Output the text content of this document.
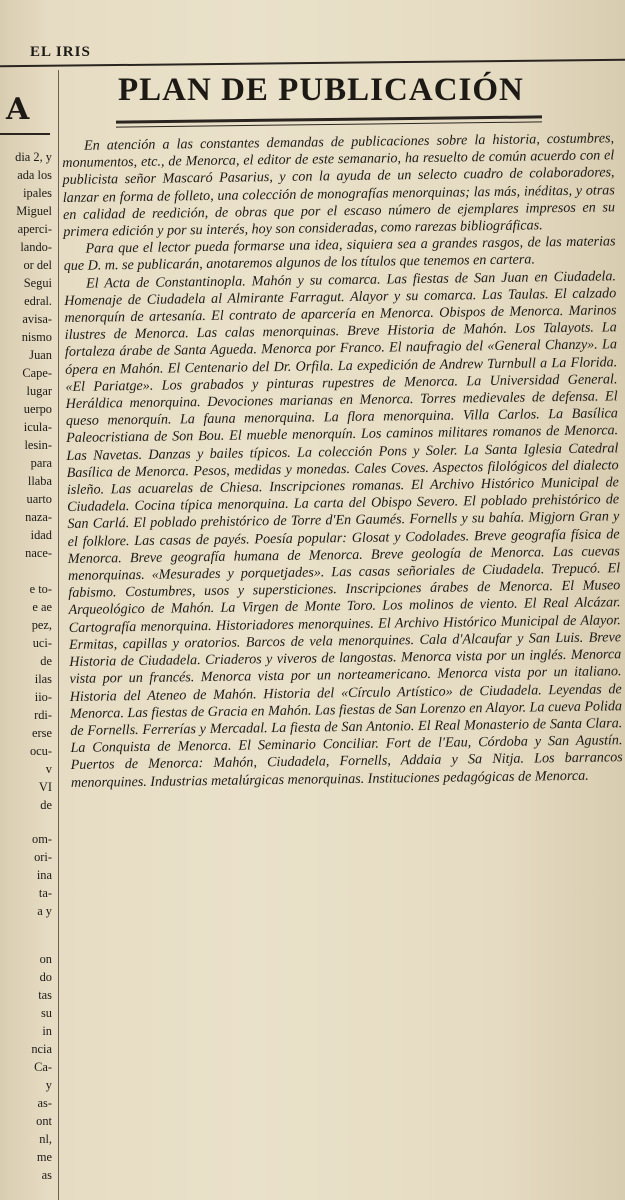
EL IRIS
A
dia 2, y
ada los
ipales
Miguel
aperci-
lando-
or del
Segui
edral.
avisa-
nismo
Juan
Cape-
lugar
uerpo
icula-
lesin-
para
llaba
uarto
naza-
idad
nace-
e to-
e ae
pez,
uci-
de
ilas
iio-
rdi-
erse
ocu-
v
VI
de
om-
ori-
ina
ta-
a y
on
do
tas
su
in
ncia
Ca-
y
as-
ont
nl,
me
as
PLAN DE PUBLICACIÓN

En atención a las constantes demandas de publicaciones sobre la historia, costumbres, monumentos, etc., de Menorca, el editor de este semanario, ha resuelto de común acuerdo con el publicista señor Mascaró Pasarius, y con la ayuda de un selecto cuadro de colaboradores, lanzar en forma de folleto, una colección de monografías menorquinas; las más, inéditas, y otras en calidad de reedición, de obras que por el escaso número de ejemplares impresos en su primera edición y por su interés, hoy son consideradas, como rarezas bibliográficas.

Para que el lector pueda formarse una idea, siquiera sea a grandes rasgos, de las materias que D. m. se publicarán, anotaremos algunos de los títulos que tenemos en cartera.

El Acta de Constantinopla. Mahón y su comarca. Las fiestas de San Juan en Ciudadela. Homenaje de Ciudadela al Almirante Farragut. Alayor y su comarca. Las Taulas. El calzado menorquín de artesanía. El contrato de aparcería en Menorca. Obispos de Menorca. Marinos ilustres de Menorca. Las calas menorquinas. Breve Historia de Mahón. Los Talayots. La fortaleza árabe de Santa Agueda. Menorca por Franco. El naufragio del «General Chanzy». La ópera en Mahón. El Centenario del Dr. Orfila. La expedición de Andrew Turnbull a La Florida. «El Pariatge». Los grabados y pinturas rupestres de Menorca. La Universidad General. Heráldica menorquina. Devociones marianas en Menorca. Torres medievales de defensa. El queso menorquín. La fauna menorquina. La flora menorquina. Villa Carlos. La Basílica Paleocristiana de Son Bou. El mueble menorquín. Los caminos militares romanos de Menorca. Las Navetas. Danzas y bailes típicos. La colección Pons y Soler. La Santa Iglesia Catedral Basílica de Menorca. Pesos, medidas y monedas. Cales Coves. Aspectos filológicos del dialecto isleño. Las acuarelas de Chiesa. Inscripciones romanas. El Archivo Histórico Municipal de Ciudadela. Cocina típica menorquina. La carta del Obispo Severo. El poblado prehistórico de San Carlá. El poblado prehistórico de Torre d'En Gaumés. Fornells y su bahía. Migjorn Gran y el folklore. Las casas de payés. Poesía popular: Glosat y Codolades. Breve geografía física de Menorca. Breve geografía humana de Menorca. Breve geología de Menorca. Las cuevas menorquinas. «Mesurades y porquetjades». Las casas señoriales de Ciudadela. Trepucó. El fabismo. Costumbres, usos y supersticiones. Inscripciones árabes de Menorca. El Museo Arqueológico de Mahón. La Virgen de Monte Toro. Los molinos de viento. El Real Alcázar. Cartografía menorquina. Historiadores menorquines. El Archivo Histórico Municipal de Alayor. Ermitas, capillas y oratorios. Barcos de vela menorquines. Cala d'Alcaufar y San Luis. Breve Historia de Ciudadela. Criaderos y viveros de langostas. Menorca vista por un inglés. Menorca vista por un francés. Menorca vista por un norteamericano. Menorca vista por un italiano. Historia del Ateneo de Mahón. Historia del «Círculo Artístico» de Ciudadela. Leyendas de Menorca. Las fiestas de Gracia en Mahón. Las fiestas de San Lorenzo en Alayor. La cueva Polida de Fornells. Ferrerías y Mercadal. La fiesta de San Antonio. El Real Monasterio de Santa Clara. La Conquista de Menorca. El Seminario Conciliar. Fort de l'Eau, Córdoba y San Agustín. Puertos de Menorca: Mahón, Ciudadela, Fornells, Addaia y Sa Nitja. Los barrancos menorquines. Industrias metalúrgicas menorquinas. Instituciones pedagógicas de Menorca.
